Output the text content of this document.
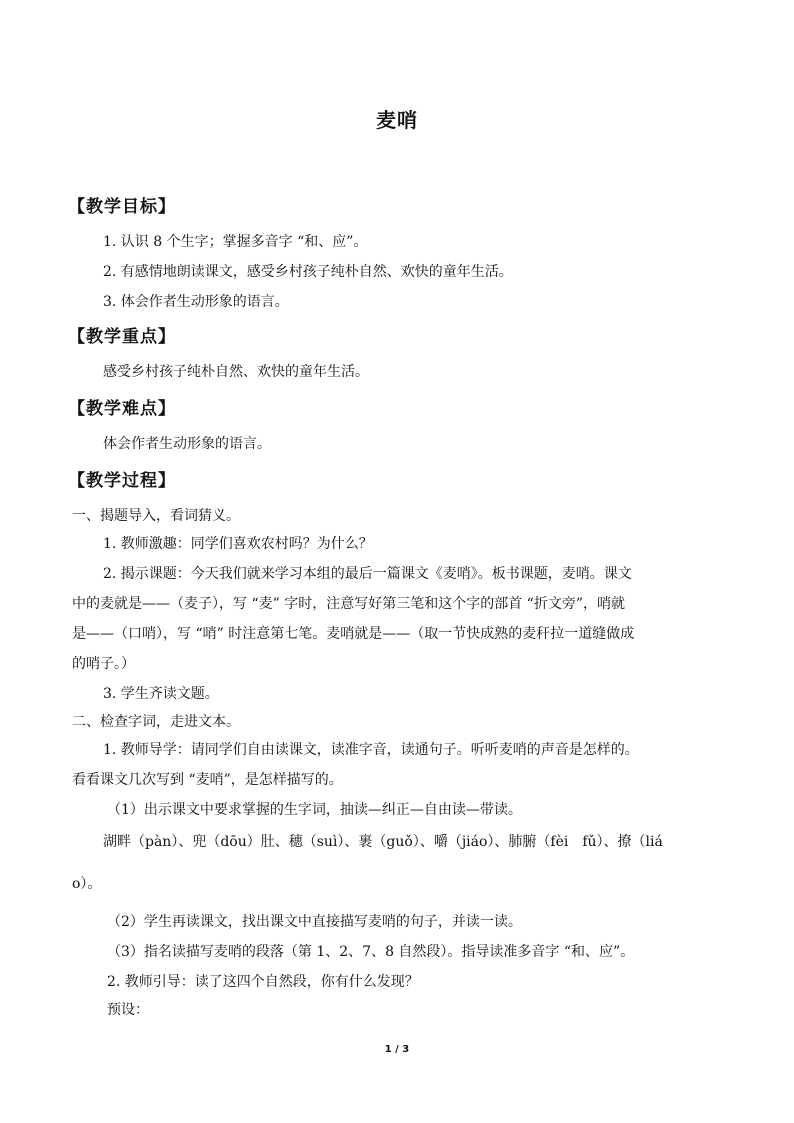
麦哨
【教学目标】
1. 认识 8 个生字；掌握多音字 “和、应”。
2. 有感情地朗读课文，感受乡村孩子纯朴自然、欢快的童年生活。
3. 体会作者生动形象的语言。
【教学重点】
感受乡村孩子纯朴自然、欢快的童年生活。
【教学难点】
体会作者生动形象的语言。
【教学过程】
一、揭题导入，看词猜义。
1. 教师激趣：同学们喜欢农村吗？为什么？
2. 揭示课题：今天我们就来学习本组的最后一篇课文《麦哨》。板书课题，麦哨。课文
中的麦就是——（麦子），写 “麦” 字时，注意写好第三笔和这个字的部首 “折文旁”，哨就
是——（口哨），写 “哨” 时注意第七笔。麦哨就是——（取一节快成熟的麦秆拉一道缝做成
的哨子。）
3. 学生齐读文题。
二、检查字词，走进文本。
1. 教师导学：请同学们自由读课文，读准字音，读通句子。听听麦哨的声音是怎样的。
看看课文几次写到 “麦哨”，是怎样描写的。
（1）出示课文中要求掌握的生字词，抽读—纠正—自由读—带读。
湖畔（pàn）、兜（dōu）肚、穗（suì）、裹（guǒ）、嚼（jiáo）、肺腑（fèi　fǔ）、撩（liá
o）。
（2）学生再读课文，找出课文中直接描写麦哨的句子，并读一读。
（3）指名读描写麦哨的段落（第 1、2、7、8 自然段）。指导读准多音字 “和、应”。
2. 教师引导：读了这四个自然段，你有什么发现？
预设：
1 / 3
